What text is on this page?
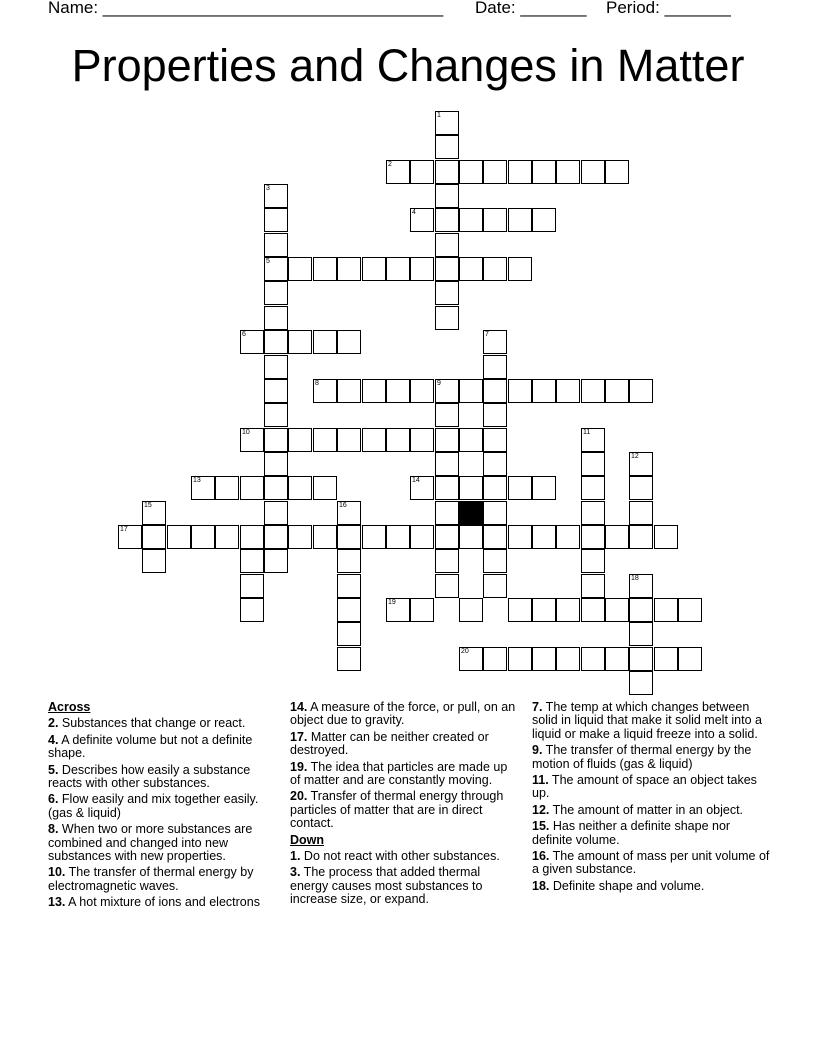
Name: ____________________________________ Date: _______ Period: _______
Properties and Changes in Matter
1
2
3
5
4
6	7
8	9
10	11
12
13	14
15	16
17
18
19
20
Across
2. Substances that change or react.
4. A definite volume but not a definite shape.
5. Describes how easily a substance reacts with other substances.
6. Flow easily and mix together easily. (gas & liquid)
8. When two or more substances are combined and changed into new substances with new properties.
10. The transfer of thermal energy by electromagnetic waves.
13. A hot mixture of ions and electrons
14. A measure of the force, or pull, on an object due to gravity.
17. Matter can be neither created or destroyed.
19. The idea that particles are made up of matter and are constantly moving.
20. Transfer of thermal energy through particles of matter that are in direct contact.
Down
1. Do not react with other substances.
3. The process that added thermal energy causes most substances to increase size, or expand.
7. The temp at which changes between solid in liquid that make it solid melt into a liquid or make a liquid freeze into a solid.
9. The transfer of thermal energy by the motion of fluids (gas & liquid)
11. The amount of space an object takes up.
12. The amount of matter in an object.
15. Has neither a definite shape nor definite volume.
16. The amount of mass per unit volume of a given substance.
18. Definite shape and volume.
